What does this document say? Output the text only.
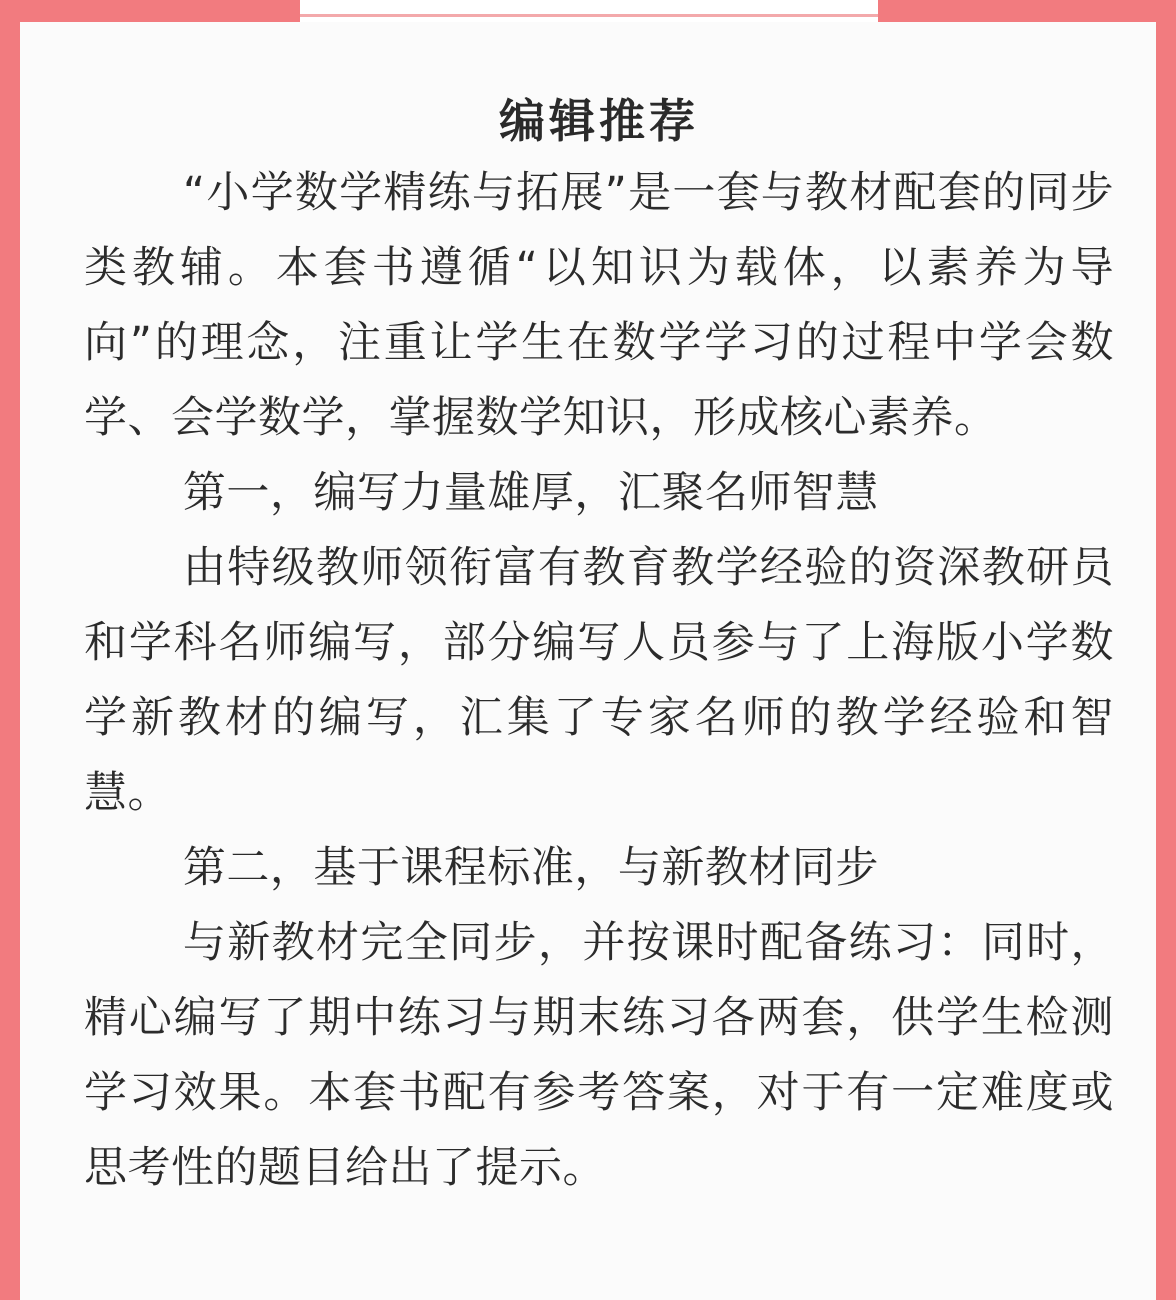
编辑推荐

“小学数学精练与拓展”是一套与教材配套的同步类教辅。本套书遵循“以知识为载体，以素养为导向”的理念，注重让学生在数学学习的过程中学会数学、会学数学，掌握数学知识，形成核心素养。

第一，编写力量雄厚，汇聚名师智慧

由特级教师领衔富有教育教学经验的资深教研员和学科名师编写，部分编写人员参与了上海版小学数学新教材的编写，汇集了专家名师的教学经验和智慧。

第二，基于课程标准，与新教材同步

与新教材完全同步，并按课时配备练习：同时，精心编写了期中练习与期末练习各两套，供学生检测学习效果。本套书配有参考答案，对于有一定难度或思考性的题目给出了提示。
